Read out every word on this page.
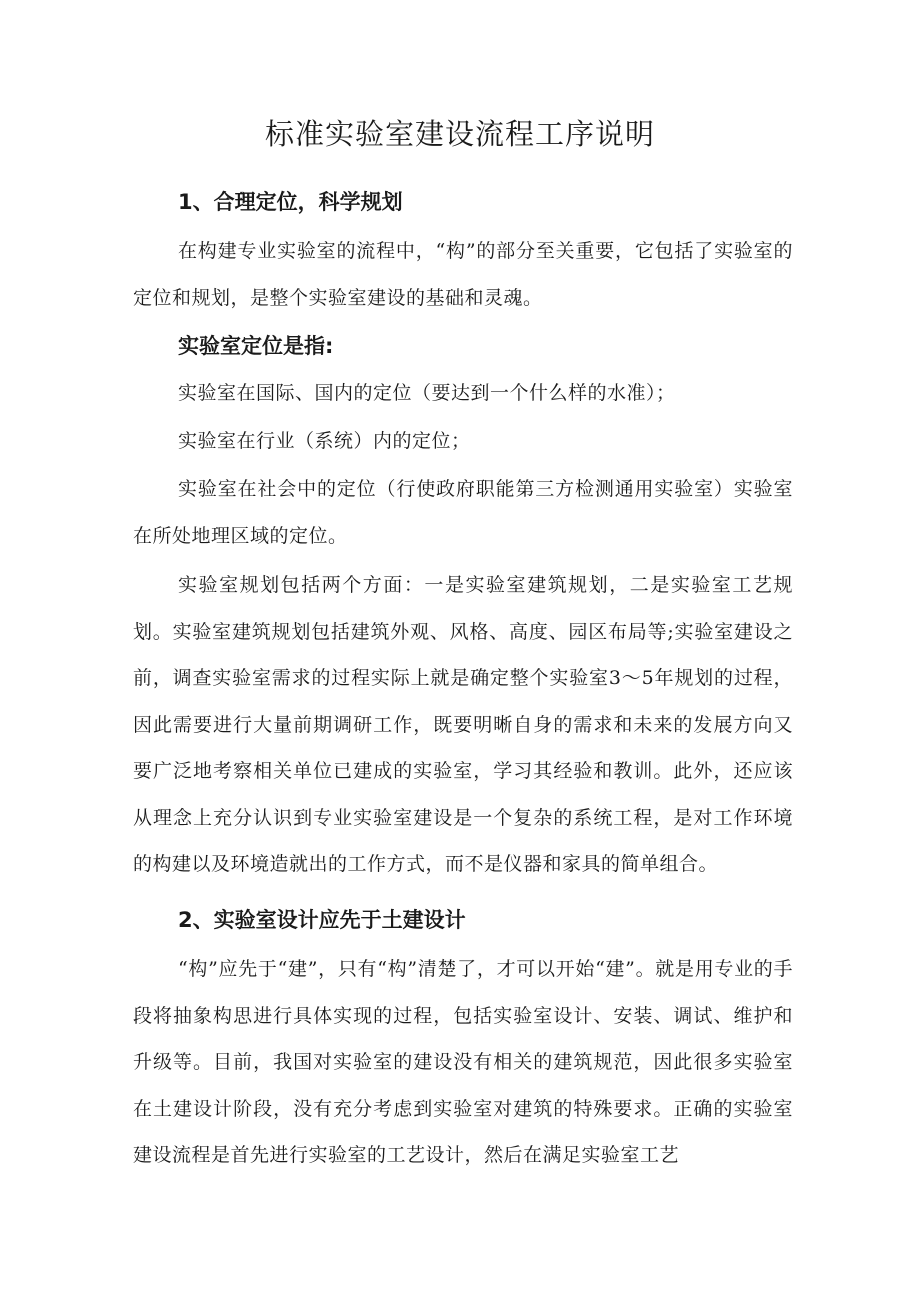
标准实验室建设流程工序说明
1、合理定位，科学规划

在构建专业实验室的流程中，“构”的部分至关重要，它包括了实验室的定位和规划，是整个实验室建设的基础和灵魂。

实验室定位是指:

实验室在国际、国内的定位（要达到一个什么样的水准）；

实验室在行业（系统）内的定位；

实验室在社会中的定位（行使政府职能第三方检测通用实验室）实验室在所处地理区域的定位。

实验室规划包括两个方面：一是实验室建筑规划，二是实验室工艺规划。实验室建筑规划包括建筑外观、风格、高度、园区布局等;实验室建设之前，调查实验室需求的过程实际上就是确定整个实验室3～5年规划的过程，因此需要进行大量前期调研工作，既要明晰自身的需求和未来的发展方向又要广泛地考察相关单位已建成的实验室，学习其经验和教训。此外，还应该从理念上充分认识到专业实验室建设是一个复杂的系统工程，是对工作环境的构建以及环境造就出的工作方式，而不是仪器和家具的简单组合。

2、实验室设计应先于土建设计

“构”应先于“建”，只有“构”清楚了，才可以开始“建”。就是用专业的手段将抽象构思进行具体实现的过程，包括实验室设计、安装、调试、维护和升级等。目前，我国对实验室的建设没有相关的建筑规范，因此很多实验室在土建设计阶段，没有充分考虑到实验室对建筑的特殊要求。正确的实验室建设流程是首先进行实验室的工艺设计，然后在满足实验室工艺
